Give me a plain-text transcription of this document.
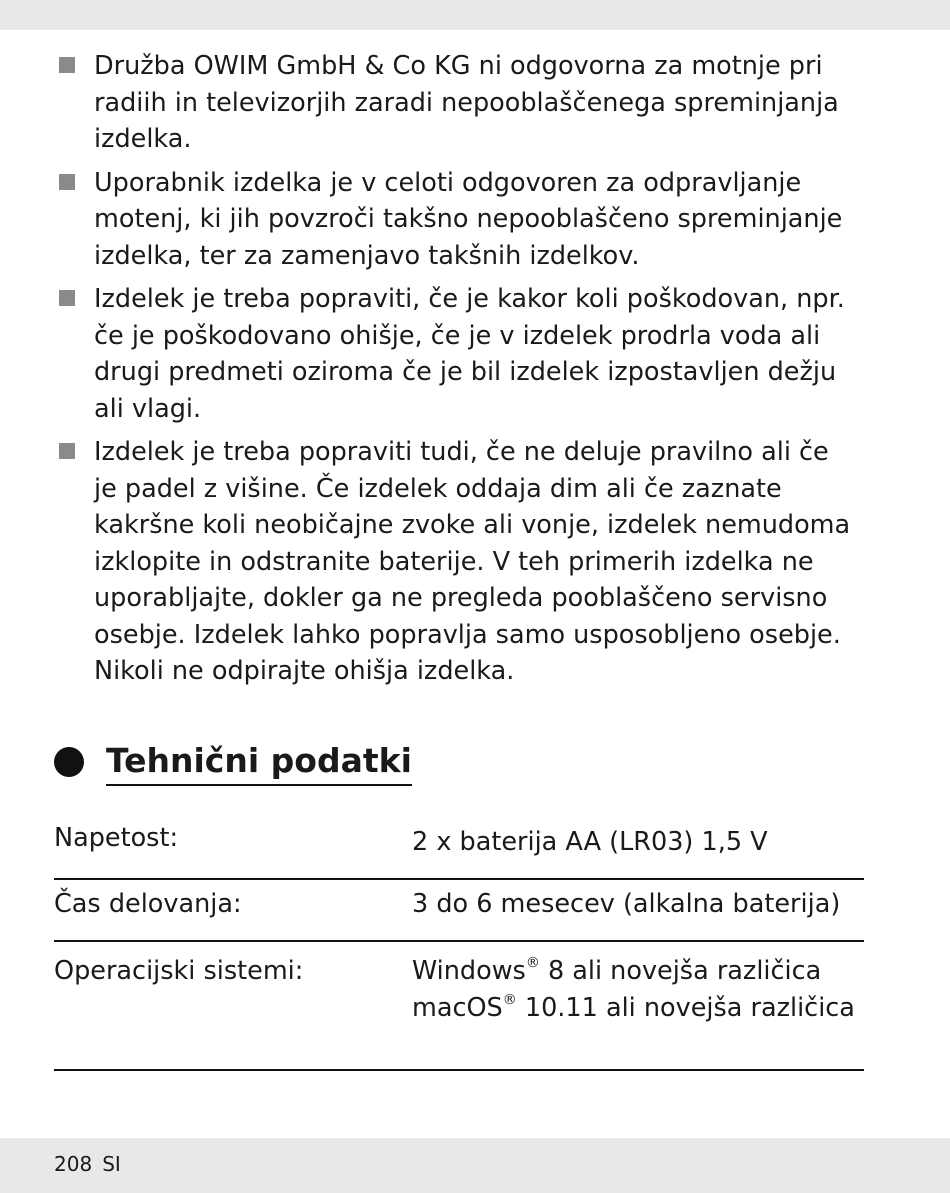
Družba OWIM GmbH & Co KG ni odgovorna za motnje pri radiih in televizorjih zaradi nepooblaščenega spreminjanja izdelka.
Uporabnik izdelka je v celoti odgovoren za odpravljanje motenj, ki jih povzroči takšno nepooblaščeno spreminjanje izdelka, ter za zamenjavo takšnih izdelkov.
Izdelek je treba popraviti, če je kakor koli poškodovan, npr. če je poškodovano ohišje, če je v izdelek prodrla voda ali drugi predmeti oziroma če je bil izdelek izpostavljen dežju ali vlagi.
Izdelek je treba popraviti tudi, če ne deluje pravilno ali če je padel z višine. Če izdelek oddaja dim ali če zaznate kakršne koli neobičajne zvoke ali vonje, izdelek nemudoma izklopite in odstranite baterije. V teh primerih izdelka ne uporabljajte, dokler ga ne pregleda pooblaščeno servisno osebje. Izdelek lahko popravlja samo usposobljeno osebje. Nikoli ne odpirajte ohišja izdelka.
Tehnični podatki
Napetost:	2 x baterija AA (LR03) 1,5 V
Čas delovanja:	3 do 6 mesecev (alkalna baterija)
Operacijski sistemi:	Windows® 8 ali novejša različica
macOS® 10.11 ali novejša različica
208 SI
